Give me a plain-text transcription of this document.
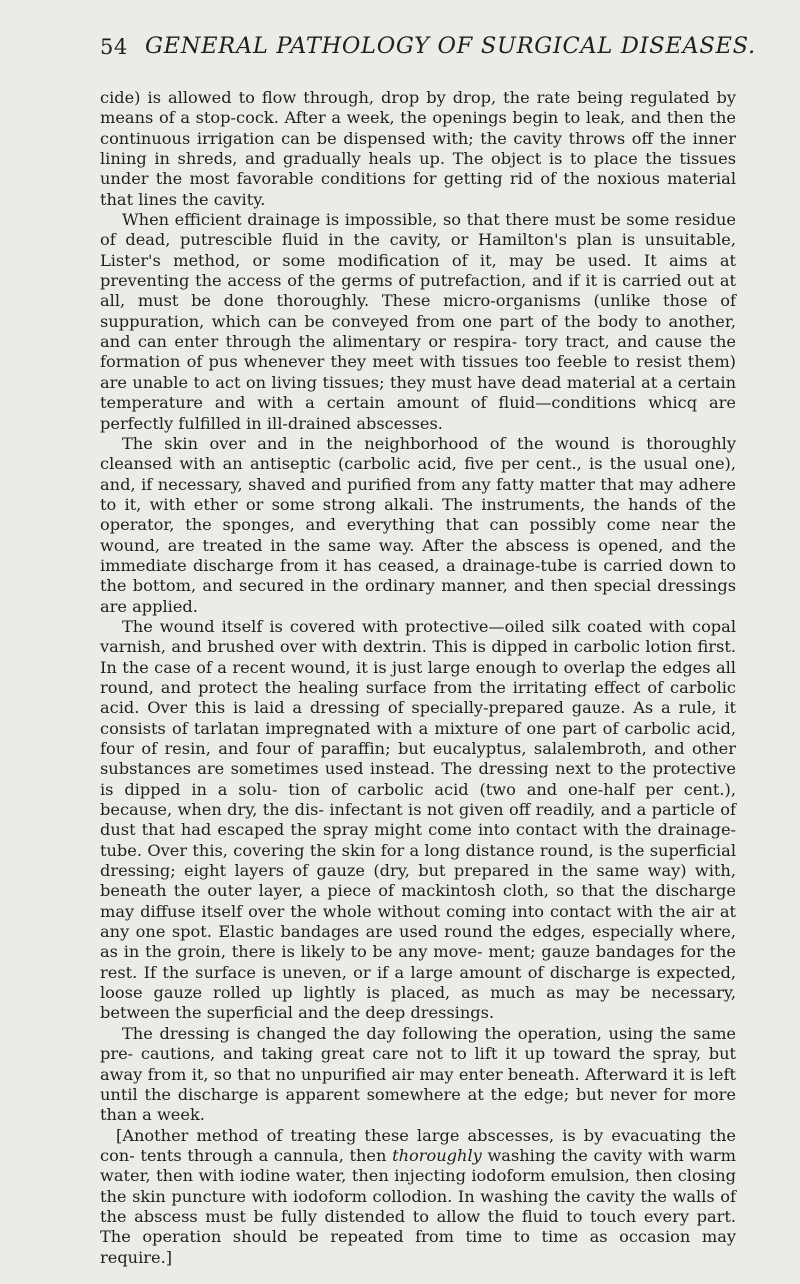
54 GENERAL PATHOLOGY OF SURGICAL DISEASES.

cide) is allowed to flow through, drop by drop, the rate being regulated by means of a stop-cock. After a week, the openings begin to leak, and then the continuous irrigation can be dispensed with; the cavity throws off the inner lining in shreds, and gradually heals up. The object is to place the tissues under the most favorable conditions for getting rid of the noxious material that lines the cavity.

When efficient drainage is impossible, so that there must be some residue of dead, putrescible fluid in the cavity, or Hamilton's plan is unsuitable, Lister's method, or some modification of it, may be used. It aims at preventing the access of the germs of putrefaction, and if it is carried out at all, must be done thoroughly. These micro-organisms (unlike those of suppuration, which can be conveyed from one part of the body to another, and can enter through the alimentary or respira- tory tract, and cause the formation of pus whenever they meet with tissues too feeble to resist them) are unable to act on living tissues; they must have dead material at a certain temperature and with a certain amount of fluid—conditions whicq are perfectly fulfilled in ill-drained abscesses.

The skin over and in the neighborhood of the wound is thoroughly cleansed with an antiseptic (carbolic acid, five per cent., is the usual one), and, if necessary, shaved and purified from any fatty matter that may adhere to it, with ether or some strong alkali. The instruments, the hands of the operator, the sponges, and everything that can possibly come near the wound, are treated in the same way. After the abscess is opened, and the immediate discharge from it has ceased, a drainage-tube is carried down to the bottom, and secured in the ordinary manner, and then special dressings are applied.

The wound itself is covered with protective—oiled silk coated with copal varnish, and brushed over with dextrin. This is dipped in carbolic lotion first. In the case of a recent wound, it is just large enough to overlap the edges all round, and protect the healing surface from the irritating effect of carbolic acid. Over this is laid a dressing of specially-prepared gauze. As a rule, it consists of tarlatan impregnated with a mixture of one part of carbolic acid, four of resin, and four of paraffin; but eucalyptus, salalembroth, and other substances are sometimes used instead. The dressing next to the protective is dipped in a solu- tion of carbolic acid (two and one-half per cent.), because, when dry, the dis- infectant is not given off readily, and a particle of dust that had escaped the spray might come into contact with the drainage-tube. Over this, covering the skin for a long distance round, is the superficial dressing; eight layers of gauze (dry, but prepared in the same way) with, beneath the outer layer, a piece of mackintosh cloth, so that the discharge may diffuse itself over the whole without coming into contact with the air at any one spot. Elastic bandages are used round the edges, especially where, as in the groin, there is likely to be any move- ment; gauze bandages for the rest. If the surface is uneven, or if a large amount of discharge is expected, loose gauze rolled up lightly is placed, as much as may be necessary, between the superficial and the deep dressings.

The dressing is changed the day following the operation, using the same pre- cautions, and taking great care not to lift it up toward the spray, but away from it, so that no unpurified air may enter beneath. Afterward it is left until the discharge is apparent somewhere at the edge; but never for more than a week.

[Another method of treating these large abscesses, is by evacuating the con- tents through a cannula, then thoroughly washing the cavity with warm water, then with iodine water, then injecting iodoform emulsion, then closing the skin puncture with iodoform collodion. In washing the cavity the walls of the abscess must be fully distended to allow the fluid to touch every part. The operation should be repeated from time to time as occasion may require.]
